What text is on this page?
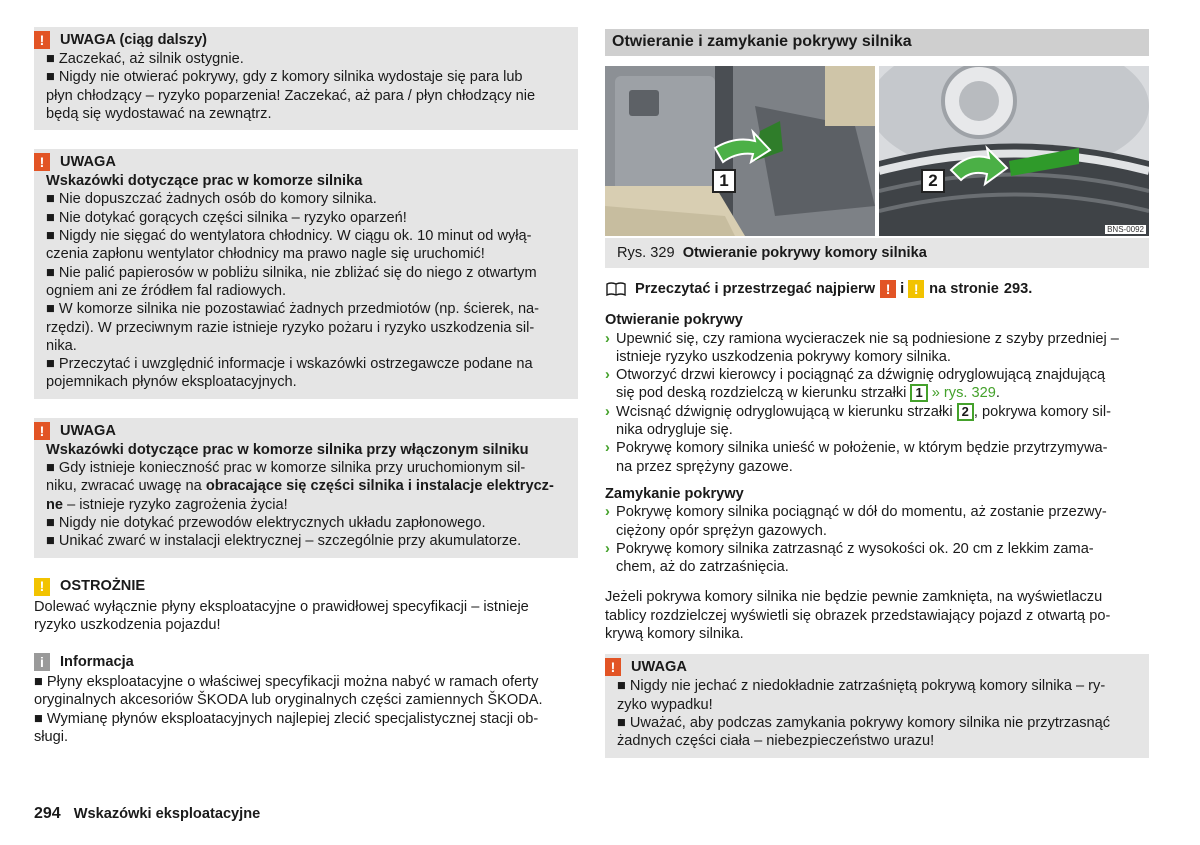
!	UWAGA (ciąg dalszy)

■ Zaczekać, aż silnik ostygnie.

■ Nigdy nie otwierać pokrywy, gdy z komory silnika wydostaje się para lub

płyn chłodzący – ryzyko poparzenia! Zaczekać, aż para / płyn chłodzący nie

będą się wydostawać na zewnątrz.

!	UWAGA

Wskazówki dotyczące prac w komorze silnika

■ Nie dopuszczać żadnych osób do komory silnika.

■ Nie dotykać gorących części silnika – ryzyko oparzeń!

■ Nigdy nie sięgać do wentylatora chłodnicy. W ciągu ok. 10 minut od wyłą-

czenia zapłonu wentylator chłodnicy ma prawo nagle się uruchomić!

■ Nie palić papierosów w pobliżu silnika, nie zbliżać się do niego z otwartym

ogniem ani ze źródłem fal radiowych.

■ W komorze silnika nie pozostawiać żadnych przedmiotów (np. ścierek, na-

rzędzi). W przeciwnym razie istnieje ryzyko pożaru i ryzyko uszkodzenia sil-

nika.

■ Przeczytać i uwzględnić informacje i wskazówki ostrzegawcze podane na

pojemnikach płynów eksploatacyjnych.

!	UWAGA

Wskazówki dotyczące prac w komorze silnika przy włączonym silniku

■ Gdy istnieje konieczność prac w komorze silnika przy uruchomionym sil-

niku, zwracać uwagę na obracające się części silnika i instalacje elektrycz-

ne – istnieje ryzyko zagrożenia życia!

■ Nigdy nie dotykać przewodów elektrycznych układu zapłonowego.

■ Unikać zwarć w instalacji elektrycznej – szczególnie przy akumulatorze.

!	OSTROŻNIE

Dolewać wyłącznie płyny eksploatacyjne o prawidłowej specyfikacji – istnieje

ryzyko uszkodzenia pojazdu!

i	Informacja

■ Płyny eksploatacyjne o właściwej specyfikacji można nabyć w ramach oferty

oryginalnych akcesoriów ŠKODA lub oryginalnych części zamiennych ŠKODA.

■ Wymianę płynów eksploatacyjnych najlepiej zlecić specjalistycznej stacji ob-

sługi.

Otwieranie i zamykanie pokrywy silnika
1	2
BNS-0092
Rys. 329 Otwieranie pokrywy komory silnika
Przeczytać i przestrzegać najpierw ! i ! na stronie 293.

Otwieranie pokrywy

› Upewnić się, czy ramiona wycieraczek nie są podniesione z szyby przedniej –

istnieje ryzyko uszkodzenia pokrywy komory silnika.

› Otworzyć drzwi kierowcy i pociągnąć za dźwignię odryglowującą znajdującą

się pod deską rozdzielczą w kierunku strzałki 1 » rys. 329.

› Wcisnąć dźwignię odryglowującą w kierunku strzałki 2 , pokrywa komory sil-

nika odrygluje się.

› Pokrywę komory silnika unieść w położenie, w którym będzie przytrzymywa-

na przez sprężyny gazowe.

Zamykanie pokrywy

› Pokrywę komory silnika pociągnąć w dół do momentu, aż zostanie przezwy-

ciężony opór sprężyn gazowych.

› Pokrywę komory silnika zatrzasnąć z wysokości ok. 20 cm z lekkim zama-

chem, aż do zatrzaśnięcia.

Jeżeli pokrywa komory silnika nie będzie pewnie zamknięta, na wyświetlaczu

tablicy rozdzielczej wyświetli się obrazek przedstawiający pojazd z otwartą po-

krywą komory silnika.

!	UWAGA

■ Nigdy nie jechać z niedokładnie zatrzaśniętą pokrywą komory silnika – ry-

zyko wypadku!

■ Uważać, aby podczas zamykania pokrywy komory silnika nie przytrzasnąć

żadnych części ciała – niebezpieczeństwo urazu!

294 Wskazówki eksploatacyjne
